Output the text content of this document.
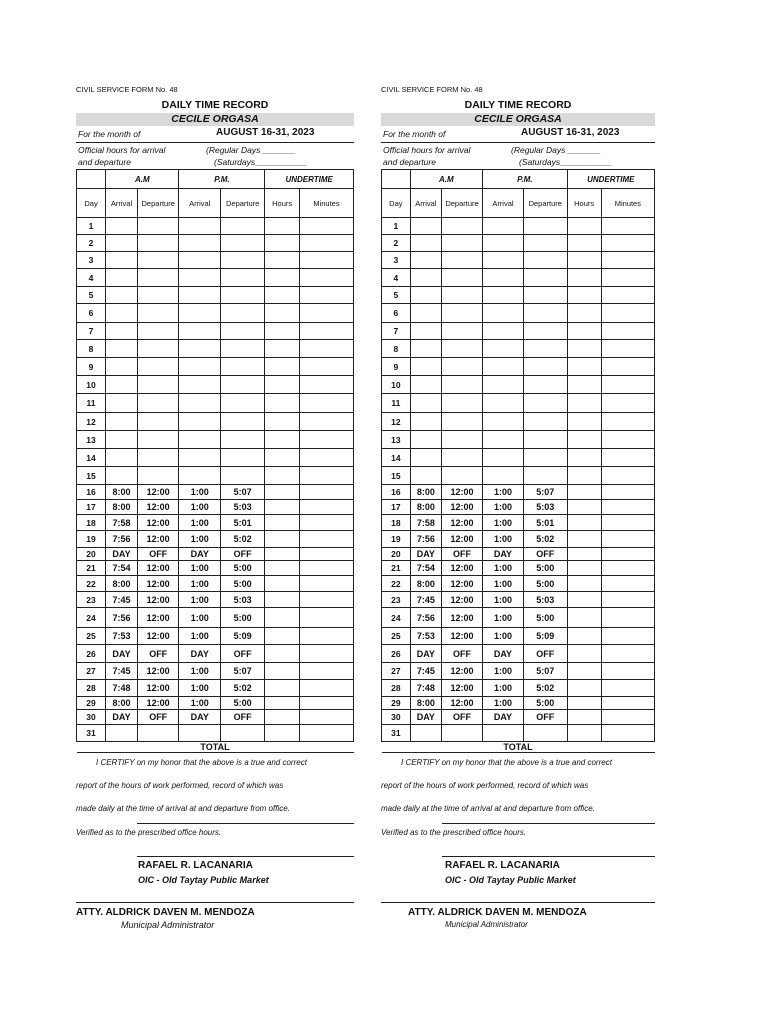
CIVIL SERVICE FORM No. 48
DAILY TIME RECORD
CECILE ORGASA
For the month of	AUGUST 16-31, 2023
Official hours for arrival
and departure
(Regular Days _______
(Saturdays___________
	A.M		P.M.		UNDERTIME	
Day	Arrival	Departure	Arrival	Departure	Hours	Minutes
1						
2						
3						
4						
5						
6						
7						
8						
9						
10						
11						
12						
13						
14						
15						
16	8:00	12:00	1:00	5:07		
17	8:00	12:00	1:00	5:03		
18	7:58	12:00	1:00	5:01		
19	7:56	12:00	1:00	5:02		
20	DAY	OFF	DAY	OFF		
21	7:54	12:00	1:00	5:00		
22	8:00	12:00	1:00	5:00		
23	7:45	12:00	1:00	5:03		
24	7:56	12:00	1:00	5:00		
25	7:53	12:00	1:00	5:09		
26	DAY	OFF	DAY	OFF		
27	7:45	12:00	1:00	5:07		
28	7:48	12:00	1:00	5:02		
29	8:00	12:00	1:00	5:00		
30	DAY	OFF	DAY	OFF		
31						
TOTAL						
I CERTIFY on my honor that the above is a true and correct
report of the hours of work performed, record of which was
made daily at the time of arrival at and departure from office.
Verified as to the prescribed office hours.
RAFAEL R. LACANARIA
OIC - Old Taytay Public Market
ATTY. ALDRICK DAVEN M. MENDOZA
Municipal Administrator
CIVIL SERVICE FORM No. 48
DAILY TIME RECORD
CECILE ORGASA
For the month of	AUGUST 16-31, 2023
Official hours for arrival
and departure
(Regular Days _______
(Saturdays___________
	A.M		P.M.		UNDERTIME	
Day	Arrival	Departure	Arrival	Departure	Hours	Minutes
1						
2						
3						
4						
5						
6						
7						
8						
9						
10						
11						
12						
13						
14						
15						
16	8:00	12:00	1:00	5:07		
17	8:00	12:00	1:00	5:03		
18	7:58	12:00	1:00	5:01		
19	7:56	12:00	1:00	5:02		
20	DAY	OFF	DAY	OFF		
21	7:54	12:00	1:00	5:00		
22	8:00	12:00	1:00	5:00		
23	7:45	12:00	1:00	5:03		
24	7:56	12:00	1:00	5:00		
25	7:53	12:00	1:00	5:09		
26	DAY	OFF	DAY	OFF		
27	7:45	12:00	1:00	5:07		
28	7:48	12:00	1:00	5:02		
29	8:00	12:00	1:00	5:00		
30	DAY	OFF	DAY	OFF		
31						
TOTAL						
I CERTIFY on my honor that the above is a true and correct
report of the hours of work performed, record of which was
made daily at the time of arrival at and departure from office.
Verified as to the prescribed office hours.
RAFAEL R. LACANARIA
OIC - Old Taytay Public Market
ATTY. ALDRICK DAVEN M. MENDOZA
Municipal Administrator
